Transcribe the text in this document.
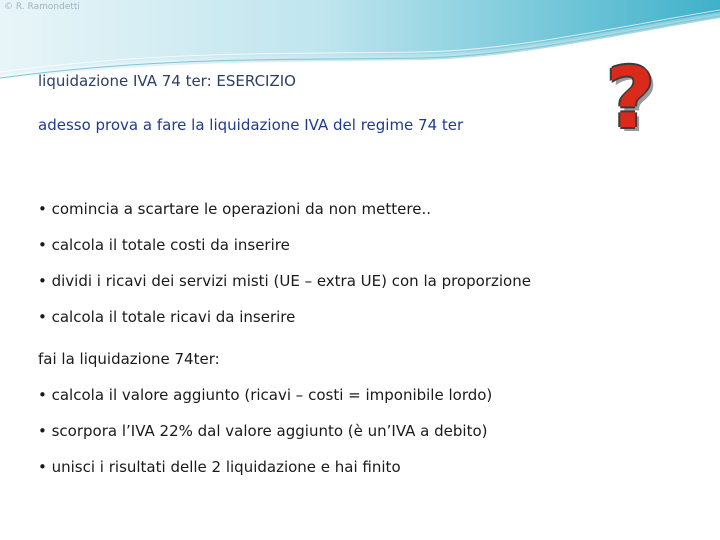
© R. Ramondetti
liquidazione IVA 74 ter: ESERCIZIO
adesso prova a fare la liquidazione IVA del regime 74 ter ?
• comincia a scartare le operazioni da non mettere..
• calcola il totale costi da inserire
• dividi i ricavi dei servizi misti (UE – extra UE) con la proporzione
• calcola il totale ricavi da inserire
fai la liquidazione 74ter:
• calcola il valore aggiunto (ricavi – costi = imponibile lordo)
• scorpora l’IVA 22% dal valore aggiunto (è un’IVA a debito)
• unisci i risultati delle 2 liquidazione e hai finito
